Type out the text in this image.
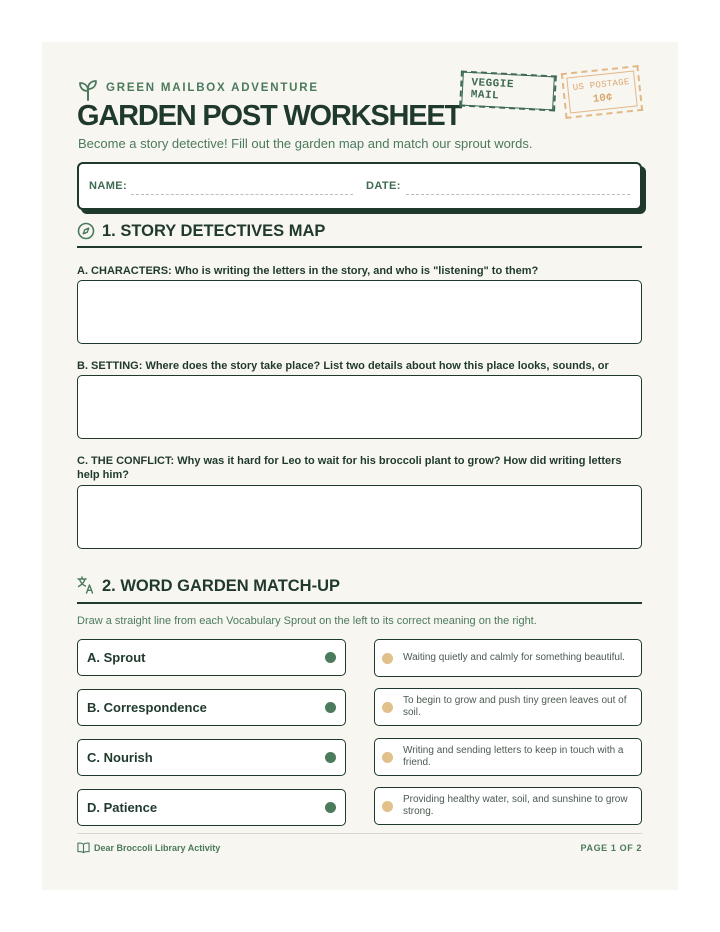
GREEN MAILBOX ADVENTURE
GARDEN POST WORKSHEET
Become a story detective! Fill out the garden map and match our sprout words.
VEGGIE MAIL
US POSTAGE
10¢
NAME:	DATE:
1. STORY DETECTIVES MAP
A. CHARACTERS: Who is writing the letters in the story, and who is "listening" to them?
B. SETTING: Where does the story take place? List two details about how this place looks, sounds, or
C. THE CONFLICT: Why was it hard for Leo to wait for his broccoli plant to grow? How did writing letters help him?
2. WORD GARDEN MATCH-UP
Draw a straight line from each Vocabulary Sprout on the left to its correct meaning on the right.
A. Sprout
B. Correspondence
C. Nourish
D. Patience
Waiting quietly and calmly for something beautiful.
To begin to grow and push tiny green leaves out of soil.
Writing and sending letters to keep in touch with a friend.
Providing healthy water, soil, and sunshine to grow strong.
Dear Broccoli Library Activity	PAGE 1 OF 2
